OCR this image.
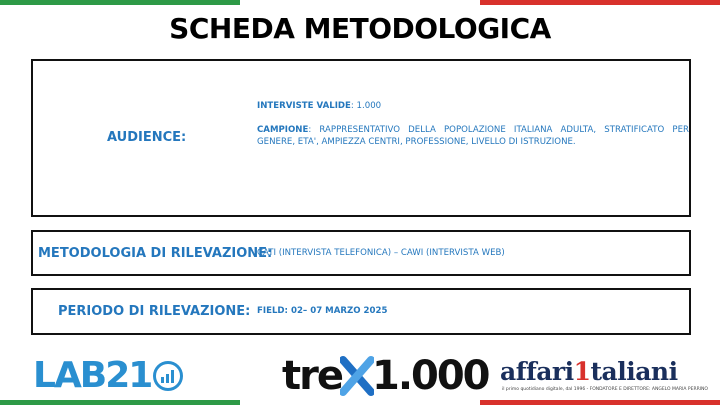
SCHEDA METODOLOGICA
AUDIENCE:
INTERVISTE VALIDE: 1.000
CAMPIONE: RAPPRESENTATIVO DELLA POPOLAZIONE ITALIANA ADULTA, STRATIFICATO PER GENERE, ETA', AMPIEZZA CENTRI, PROFESSIONE, LIVELLO DI ISTRUZIONE.
METODOLOGIA DI RILEVAZIONE:
CATI (INTERVISTA TELEFONICA) – CAWI (INTERVISTA WEB)
PERIODO DI RILEVAZIONE: FIELD: 02– 07 MARZO 2025
LAB21	tre 1.000 affari1taliani
il primo quotidiano digitale, dal 1996 - FONDATORE E DIRETTORE: ANGELO MARIA PERRINO
